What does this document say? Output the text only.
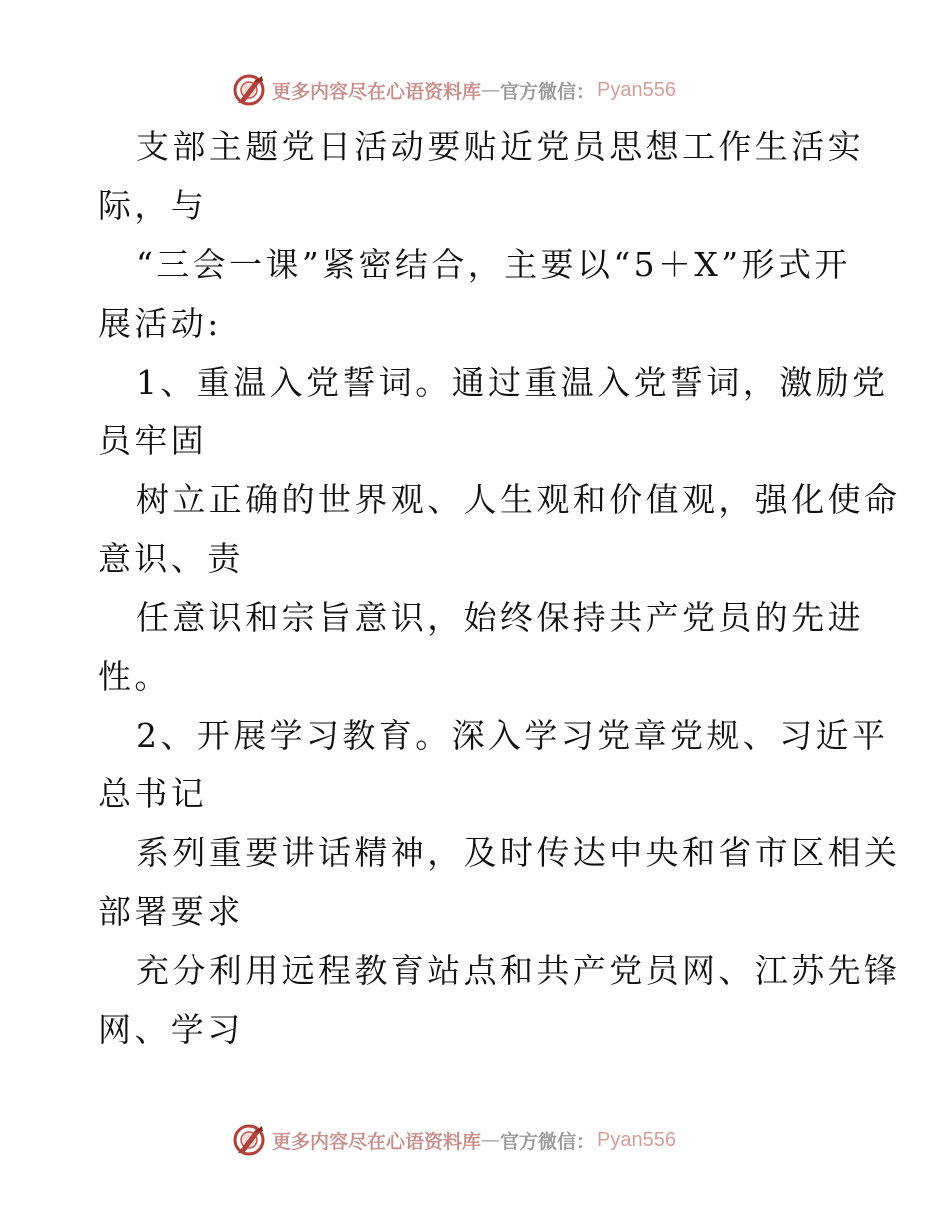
更多内容尽在心语资料库 — 官方微信： Pyan556

支部主题党日活动要贴近党员思想工作生活实

际，与

“三会一课”紧密结合，主要以“5＋X”形式开

展活动:

1、重温入党誓词。通过重温入党誓词，激励党

员牢固

树立正确的世界观、人生观和价值观，强化使命

意识、责

任意识和宗旨意识，始终保持共产党员的先进

性。

2、开展学习教育。深入学习党章党规、习近平

总书记

系列重要讲话精神，及时传达中央和省市区相关

部署要求

充分利用远程教育站点和共产党员网、江苏先锋

网、学习

更多内容尽在心语资料库 — 官方微信： Pyan556
